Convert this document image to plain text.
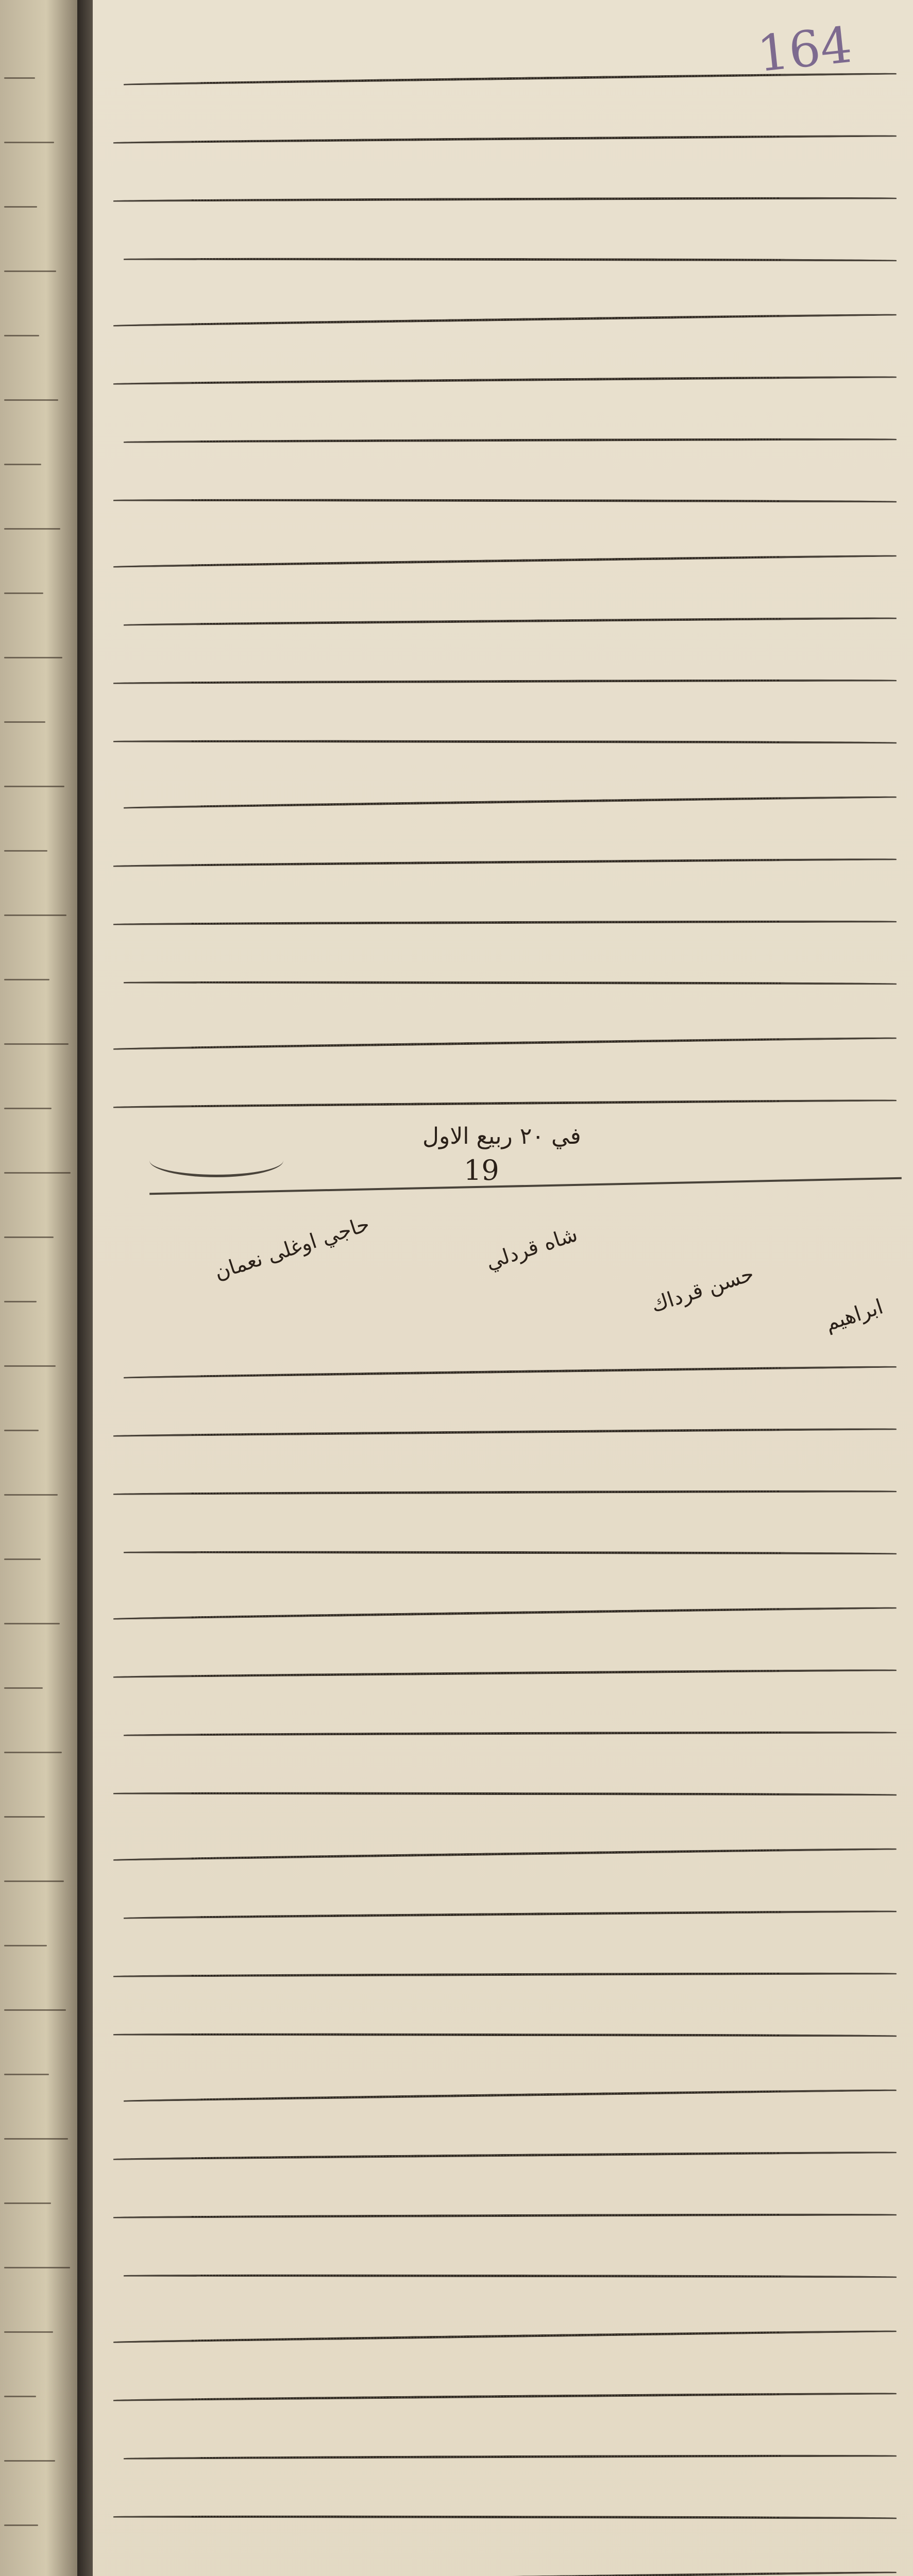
164
في ٢٠ ربيع الاول
19
حاجي اوغلى نعمان	شاه قردلي
حسن قرداك	ابراهيم
